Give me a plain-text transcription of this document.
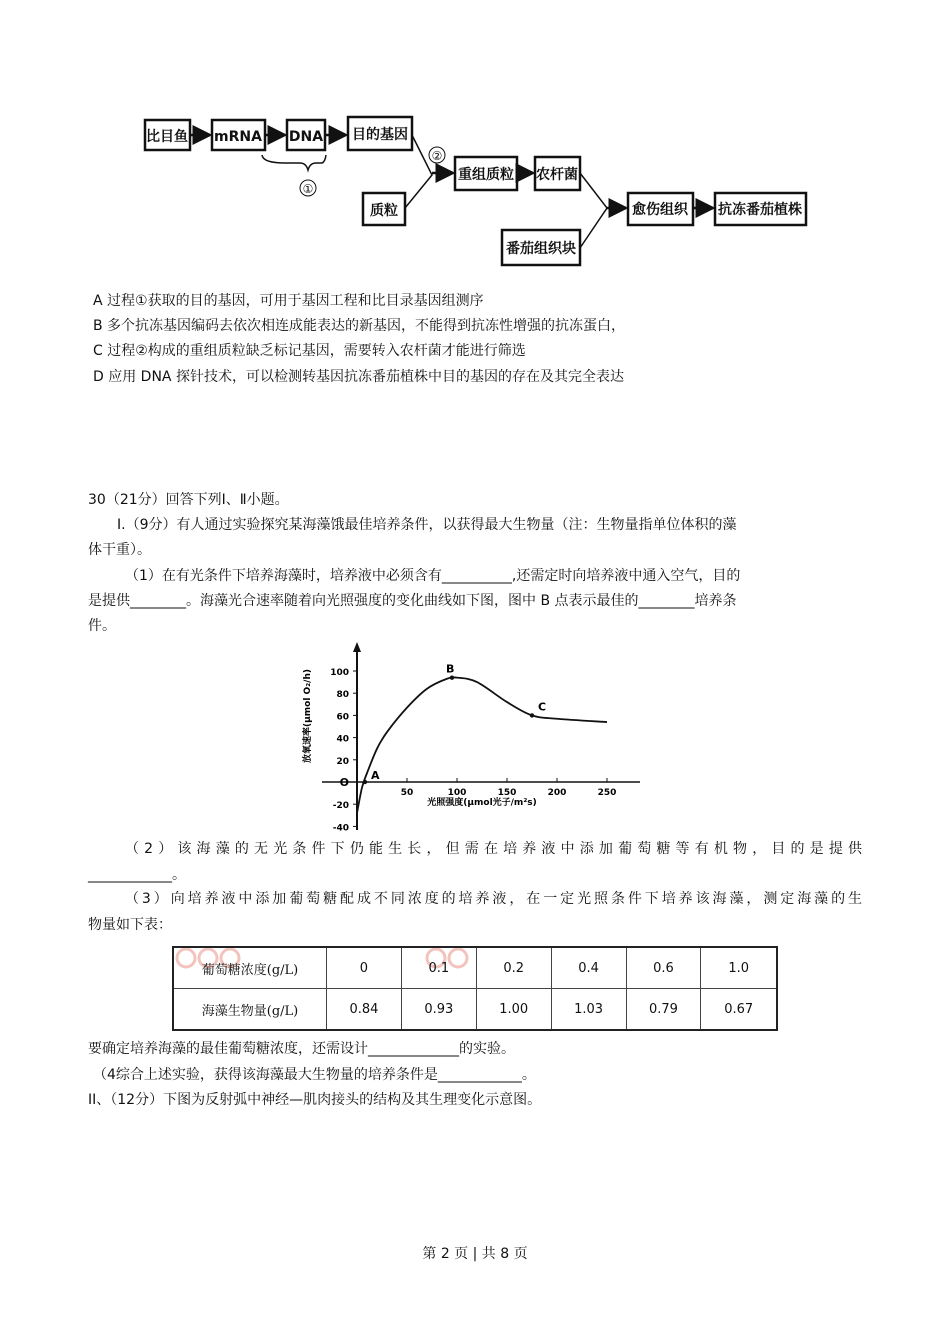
比目鱼 mRNA DNA 目的基因
质粒
重组质粒 农杆菌
番茄组织块
愈伤组织 抗冻番茄植株
①
②
A 过程①获取的目的基因，可用于基因工程和比目录基因组测序
B 多个抗冻基因编码去依次相连成能表达的新基因，不能得到抗冻性增强的抗冻蛋白，
C 过程②构成的重组质粒缺乏标记基因，需要转入农杆菌才能进行筛选
D 应用 DNA 探针技术，可以检测转基因抗冻番茄植株中目的基因的存在及其完全表达
30（21分）回答下列Ⅰ、Ⅱ小题。
Ⅰ.（9分）有人通过实验探究某海藻饿最佳培养条件，以获得最大生物量（注：生物量指单位体积的藻
体干重）。
（1）在有光条件下培养海藻时，培养液中必须含有__________,还需定时向培养液中通入空气，目的
是提供________。海藻光合速率随着向光照强度的变化曲线如下图，图中 B 点表示最佳的________培养条
件。
100
80
60
40
20
-20
-40
50	100	150	200	250
O
光照强度(μmol光子/m²s)
放氧速率(μmol O₂/h)
A
B
C
（2）该海藻的无光条件下仍能生长，但需在培养液中添加葡萄糖等有机物，目的是提供
____________。
（3）向培养液中添加葡萄糖配成不同浓度的培养液，在一定光照条件下培养该海藻，测定海藻的生
物量如下表：
葡萄糖浓度(g/L)	0	0.1	0.2	0.4	0.6	1.0
海藻生物量(g/L)	0.84	0.93	1.00	1.03	0.79	0.67
要确定培养海藻的最佳葡萄糖浓度，还需设计_____________的实验。
（4综合上述实验，获得该海藻最大生物量的培养条件是____________。
II、（12分）下图为反射弧中神经—肌肉接头的结构及其生理变化示意图。
第 2 页 | 共 8 页
